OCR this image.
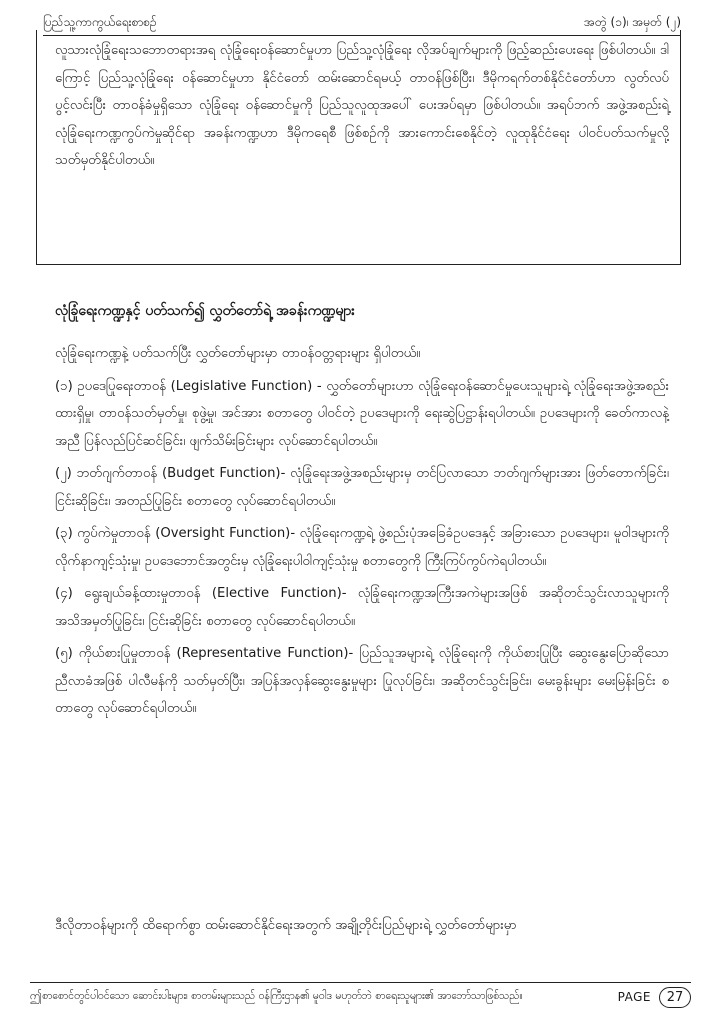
ပြည်သူ့ကာကွယ်ရေးစာစဉ်	အတွဲ (၁)၊ အမှတ် (၂)

လူသားလုံခြုံရေးသဘောတရားအရ လုံခြုံရေးဝန်ဆောင်မှုဟာ ပြည်သူ့လုံခြုံရေး လိုအပ်ချက်များကို ဖြည့်ဆည်းပေးရေး ဖြစ်ပါတယ်။ ဒါကြောင့် ပြည်သူ့လုံခြုံရေး ဝန်ဆောင်မှုဟာ နိုင်ငံတော် ထမ်းဆောင်ရမယ့် တာဝန်ဖြစ်ပြီး၊ ဒီမိုကရက်တစ်နိုင်ငံတော်ဟာ လွတ်လပ်ပွင့်လင်းပြီး တာဝန်ခံမှုရှိသော လုံခြုံရေး ဝန်ဆောင်မှုကို ပြည်သူလူထုအပေါ် ပေးအပ်ရမှာ ဖြစ်ပါတယ်။ အရပ်ဘက် အဖွဲ့အစည်းရဲ့ လုံခြုံရေးကဏ္ဍကွပ်ကဲမှုဆိုင်ရာ အခန်းကဏ္ဍဟာ ဒီမိုကရေစီ ဖြစ်စဉ်ကို အားကောင်းစေနိုင်တဲ့ လူထုနိုင်ငံရေး ပါဝင်ပတ်သက်မှုလို့ သတ်မှတ်နိုင်ပါတယ်။

လုံခြုံရေးကဏ္ဍနှင့် ပတ်သက်၍ လွှတ်တော်ရဲ့ အခန်းကဏ္ဍများ

လုံခြုံရေးကဏ္ဍနဲ့ ပတ်သက်ပြီး လွှတ်တော်များမှာ တာဝန်ဝတ္တရားများ ရှိပါတယ်။

(၁) ဥပဒေပြုရေးတာဝန် (Legislative Function) - လွှတ်တော်များဟာ လုံခြုံရေးဝန်ဆောင်မှုပေးသူများရဲ့ လုံခြုံရေးအဖွဲ့အစည်း ထားရှိမှု၊ တာဝန်သတ်မှတ်မှု၊ စုဖွဲ့မှု၊ အင်အား စတာတွေ ပါဝင်တဲ့ ဥပဒေများကို ရေးဆွဲပြဋ္ဌာန်းရပါတယ်။ ဥပဒေများကို ခေတ်ကာလနဲ့ အညီ ပြန်လည်ပြင်ဆင်ခြင်း၊ ဖျက်သိမ်းခြင်းများ လုပ်ဆောင်ရပါတယ်။

(၂) ဘတ်ဂျက်တာဝန် (Budget Function)- လုံခြုံရေးအဖွဲ့အစည်းများမှ တင်ပြလာသော ဘတ်ဂျက်များအား ဖြတ်တောက်ခြင်း၊ ငြင်းဆိုခြင်း၊ အတည်ပြုခြင်း စတာတွေ လုပ်ဆောင်ရပါတယ်။

(၃) ကွပ်ကဲမှုတာဝန် (Oversight Function)- လုံခြုံရေးကဏ္ဍရဲ့ ဖွဲ့စည်းပုံအခြေခံဥပဒေနှင့် အခြားသော ဥပဒေများ၊ မူဝါဒများကို လိုက်နာကျင့်သုံးမှု၊ ဥပဒေဘောင်အတွင်းမှ လုံခြုံရေးပါဝါကျင့်သုံးမှု စတာတွေကို ကြီးကြပ်ကွပ်ကဲရပါတယ်။

(၄) ရွေးချယ်ခန့်ထားမှုတာဝန် (Elective Function)- လုံခြုံရေးကဏ္ဍအကြီးအကဲများအဖြစ် အဆိုတင်သွင်းလာသူများကို အသိအမှတ်ပြုခြင်း၊ ငြင်းဆိုခြင်း စတာတွေ လုပ်ဆောင်ရပါတယ်။

(၅) ကိုယ်စားပြုမှုတာဝန် (Representative Function)- ပြည်သူအများရဲ့ လုံခြုံရေးကို ကိုယ်စားပြုပြီး ဆွေးနွေးပြောဆိုသော ညီလာခံအဖြစ် ပါလီမန်ကို သတ်မှတ်ပြီး၊ အပြန်အလှန်ဆွေးနွေးမှုများ ပြုလုပ်ခြင်း၊ အဆိုတင်သွင်းခြင်း၊ မေးခွန်းများ မေးမြန်းခြင်း စတာတွေ လုပ်ဆောင်ရပါတယ်။

ဒီလိုတာဝန်များကို ထိရောက်စွာ ထမ်းဆောင်နိုင်ရေးအတွက် အချို့တိုင်းပြည်များရဲ့ လွှတ်တော်များမှာ
ဤစာစောင်တွင်ပါဝင်သော ဆောင်းပါးများ၊ စာတမ်းများသည် ဝန်ကြီးဌာန၏ မူဝါဒ မဟုတ်ဘဲ စာရေးသူများ၏ အာဘော်သာဖြစ်သည်။	PAGE	27
